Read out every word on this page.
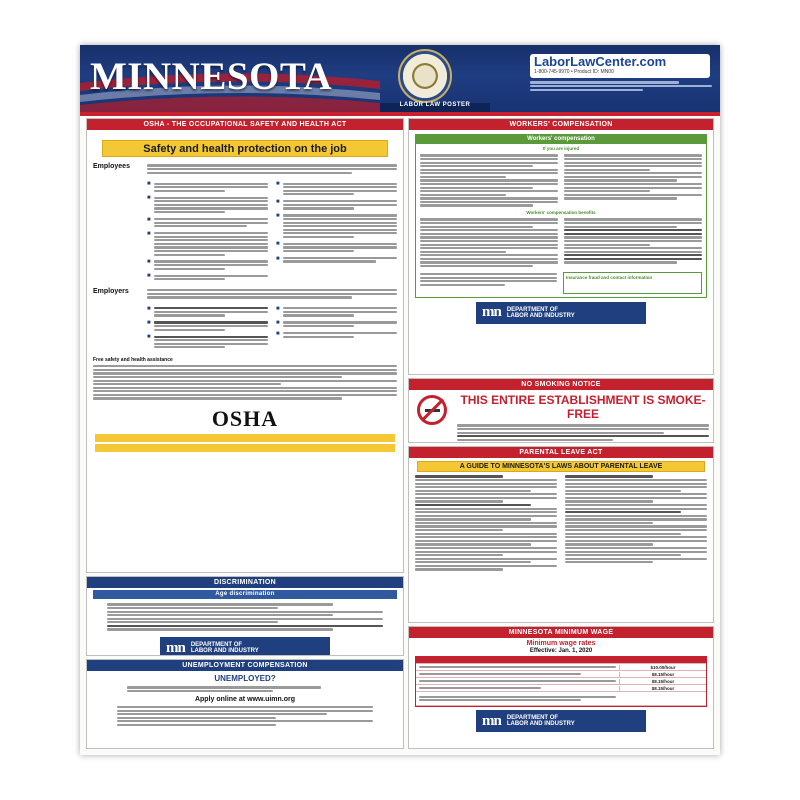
MINNESOTA
LABOR LAW POSTER
LaborLawCenter.com
1-800-745-9970 • Product ID: MN00
OSHA - THE OCCUPATIONAL SAFETY AND HEALTH ACT
Safety and health protection on the job
Employees
■
■
■
■
■
■
■
■
■
■
■
Employers
■
■
■
■
■
■
Free safety and health assistance
OSHA
DISCRIMINATION
Age discrimination
mn DEPARTMENT OF
LABOR AND INDUSTRY
UNEMPLOYMENT COMPENSATION
UNEMPLOYED?
Apply online at www.uimn.org
WORKERS' COMPENSATION
Workers' compensation
If you are injured
Workers' compensation benefits
Insurance fraud and contact information
mn DEPARTMENT OF
LABOR AND INDUSTRY
NO SMOKING NOTICE
THIS ENTIRE ESTABLISHMENT IS SMOKE-FREE
PARENTAL LEAVE ACT
A GUIDE TO MINNESOTA'S LAWS ABOUT PARENTAL LEAVE
MINNESOTA MINIMUM WAGE
Minimum wage rates
Effective: Jan. 1, 2020
$10.00/hour
$8.15/hour
$8.15/hour
$8.15/hour
mn DEPARTMENT OF
LABOR AND INDUSTRY
